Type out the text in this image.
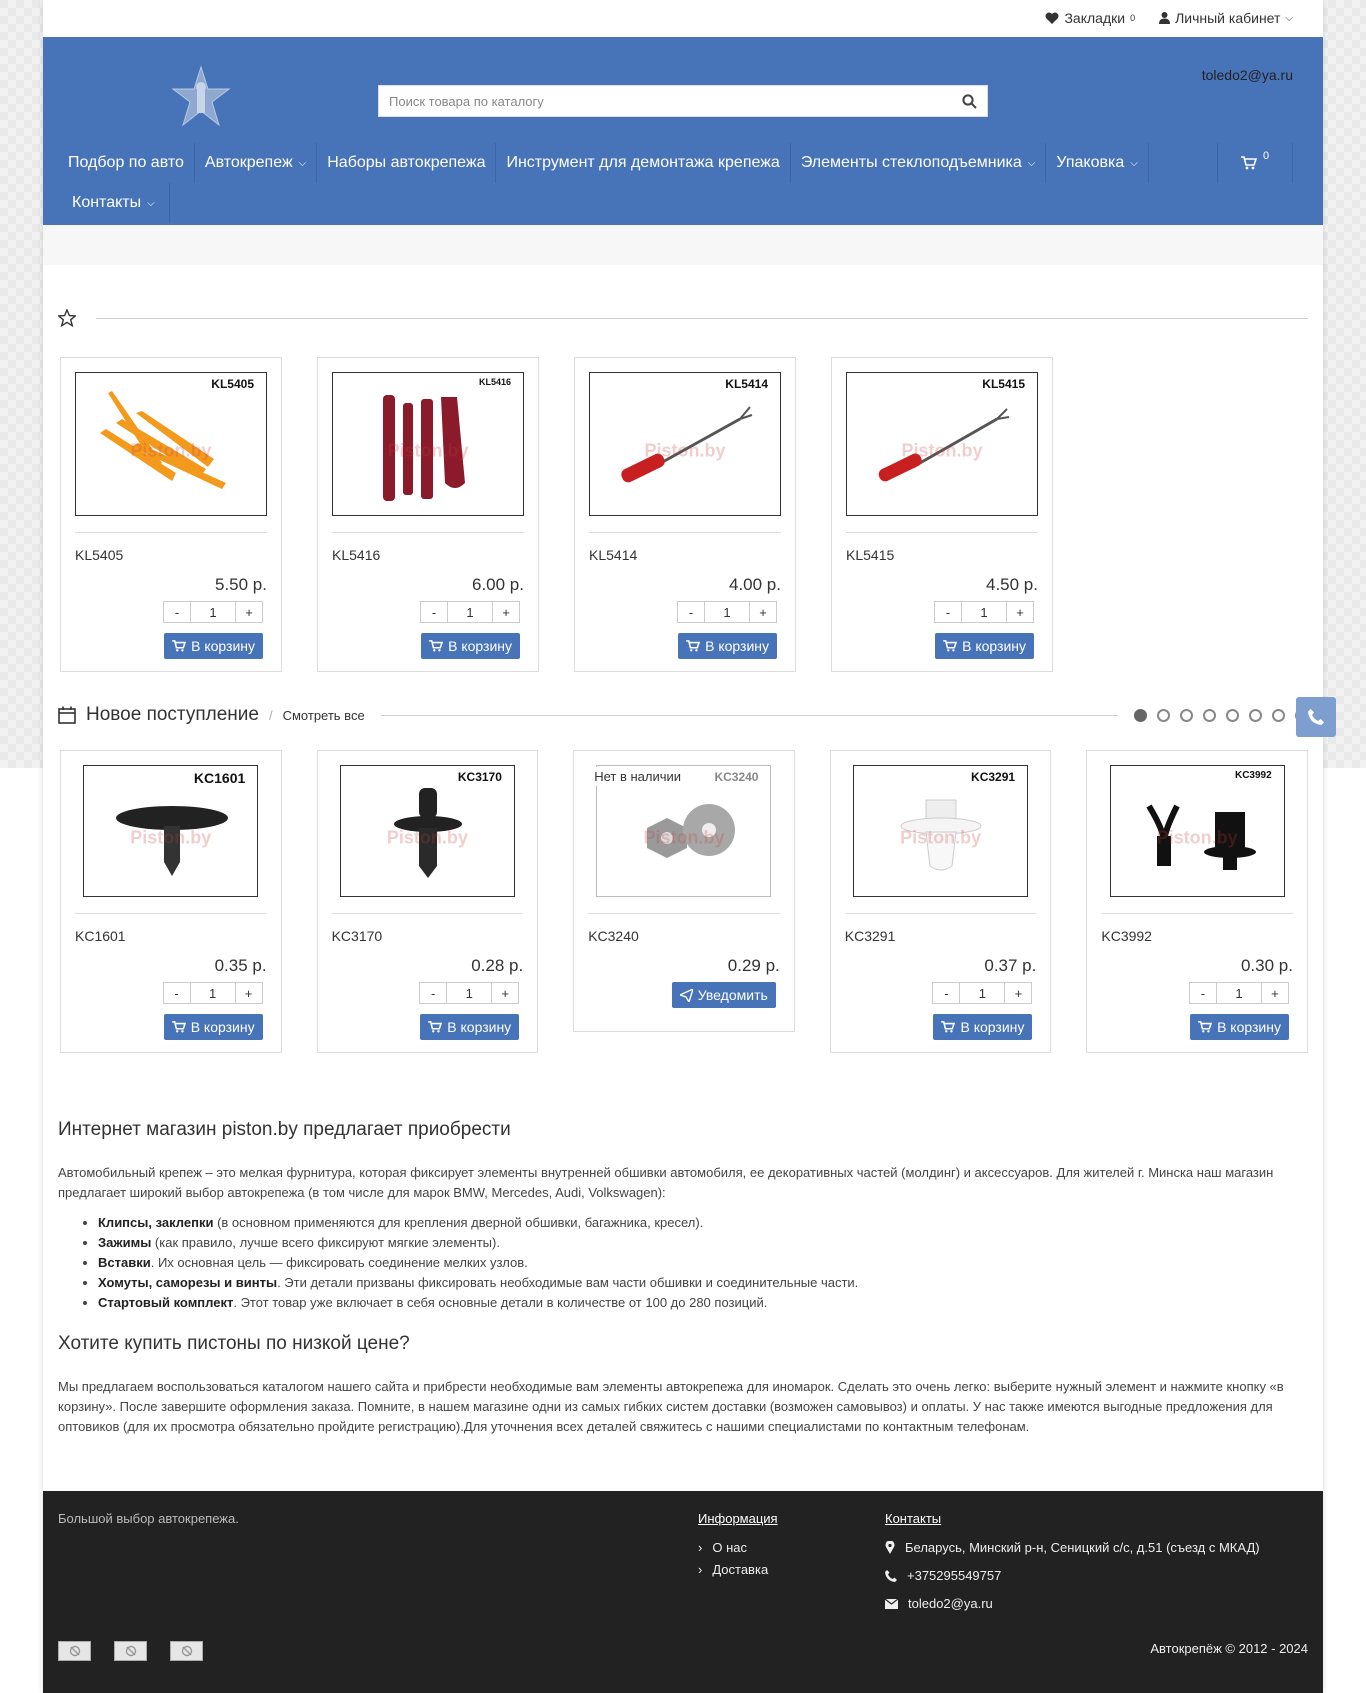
Закладки 0	Личный кабинет ⌵
Поиск товара по каталогу
toledo2@ya.ru
Подбор по авто Автокрепеж ⌵ Наборы автокрепежа Инструмент для демонтажа крепежа Элементы стеклоподъемника ⌵ Упаковка ⌵
Контакты ⌵
0
KL5405
Piston.by
KL5405
5.50 р.
-	1	+
В корзину
KL5416
Piston.by
KL5416
6.00 р.
-	1	+
В корзину
KL5414
Piston.by
KL5414
4.00 р.
-	1	+
В корзину
KL5415
Piston.by
KL5415
4.50 р.
-	1	+
В корзину
Новое поступление / Смотреть все
KC1601
Piston.by
KC1601
0.35 р.
-	1	+
В корзину
KC3170
Piston.by
KC3170
0.28 р.
-	1	+
В корзину
Нет в наличии	KC3240
Piston.by
KC3240
0.29 р.
Уведомить
KC3291
Piston.by
KC3291
0.37 р.
-	1	+
В корзину
KC3992
Piston.by
KC3992
0.30 р.
-	1	+
В корзину
Интернет магазин piston.by предлагает приобрести

Автомобильный крепеж – это мелкая фурнитура, которая фиксирует элементы внутренней обшивки автомобиля, ее декоративных частей (молдинг) и аксессуаров. Для жителей г. Минска наш магазин предлагает широкий выбор автокрепежа (в том числе для марок BMW, Mercedes, Audi, Volkswagen):

• Клипсы, заклепки (в основном применяются для крепления дверной обшивки, багажника, кресел).
• Зажимы (как правило, лучше всего фиксируют мягкие элементы).
• Вставки. Их основная цель — фиксировать соединение мелких узлов.
• Хомуты, саморезы и винты. Эти детали призваны фиксировать необходимые вам части обшивки и соединительные части.
• Стартовый комплект. Этот товар уже включает в себя основные детали в количестве от 100 до 280 позиций.
Хотите купить пистоны по низкой цене?

Мы предлагаем воспользоваться каталогом нашего сайта и прибрести необходимые вам элементы автокрепежа для иномарок. Сделать это очень легко: выберите нужный элемент и нажмите кнопку «в корзину». После завершите оформления заказа. Помните, в нашем магазине одни из самых гибких систем доставки (возможен самовывоз) и оплаты. У нас также имеются выгодные предложения для оптовиков (для их просмотра обязательно пройдите регистрацию).Для уточнения всех деталей свяжитесь с нашими специалистами по контактным телефонам.

Большой выбор автокрепежа.	Информация
› О нас
› Доставка
Контакты
Беларусь, Минский р-н, Сеницкий с/с, д.51 (съезд с МКАД)
+375295549757
toledo2@ya.ru
Автокрепёж © 2012 - 2024
